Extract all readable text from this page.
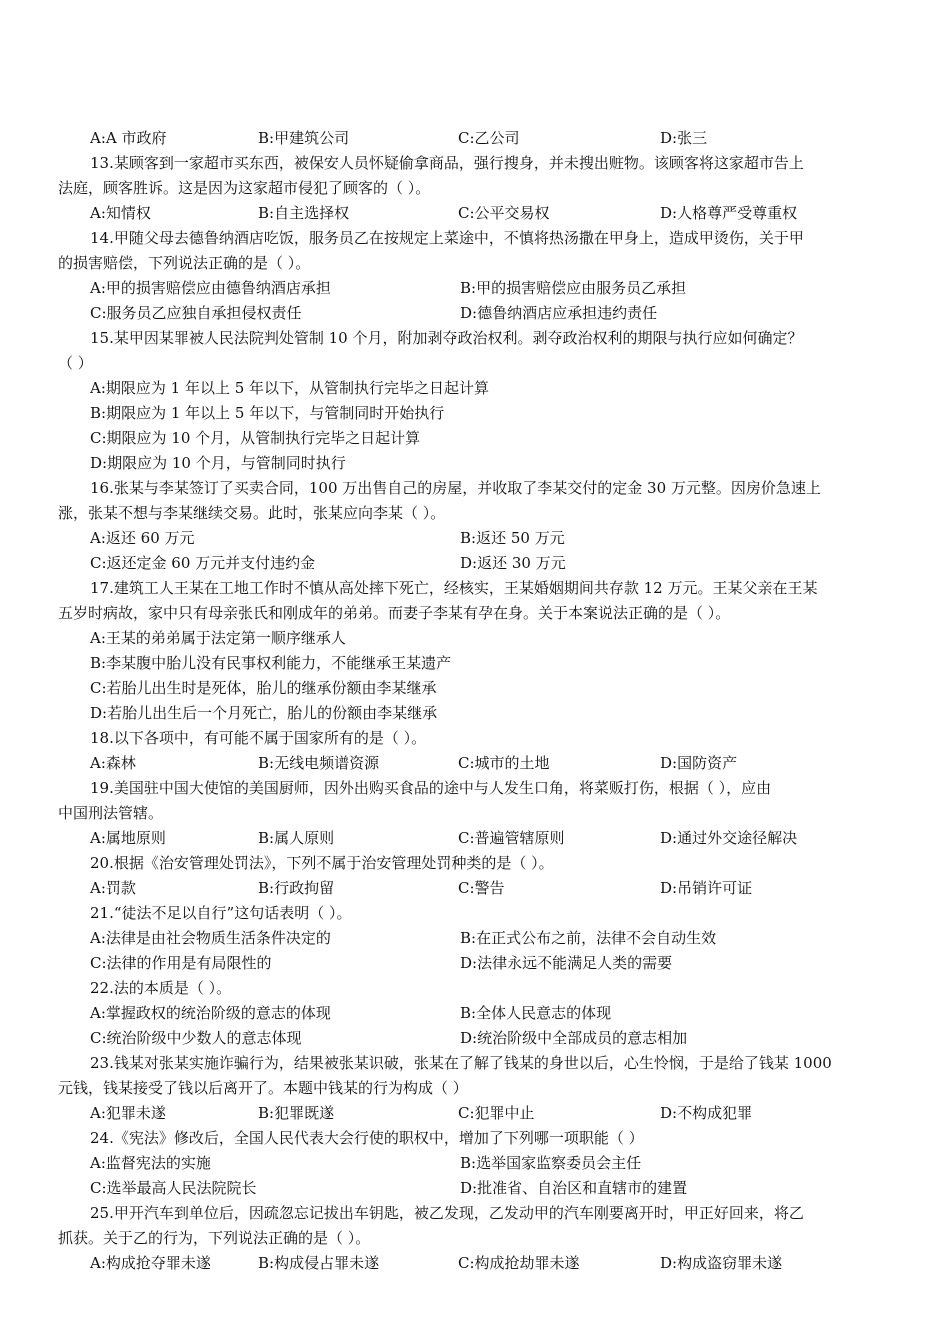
A:A 市政府	B:甲建筑公司	C:乙公司	D:张三
13.某顾客到一家超市买东西，被保安人员怀疑偷拿商品，强行搜身，并未搜出赃物。该顾客将这家超市告上
法庭，顾客胜诉。这是因为这家超市侵犯了顾客的（ ）。
A:知情权	B:自主选择权	C:公平交易权	D:人格尊严受尊重权
14.甲随父母去德鲁纳酒店吃饭，服务员乙在按规定上菜途中，不慎将热汤撒在甲身上，造成甲烫伤，关于甲
的损害赔偿，下列说法正确的是（ ）。
A:甲的损害赔偿应由德鲁纳酒店承担	B:甲的损害赔偿应由服务员乙承担
C:服务员乙应独自承担侵权责任	D:德鲁纳酒店应承担违约责任
15.某甲因某罪被人民法院判处管制 10 个月，附加剥夺政治权利。剥夺政治权利的期限与执行应如何确定？
（ ）
A:期限应为 1 年以上 5 年以下，从管制执行完毕之日起计算
B:期限应为 1 年以上 5 年以下，与管制同时开始执行
C:期限应为 10 个月，从管制执行完毕之日起计算
D:期限应为 10 个月，与管制同时执行
16.张某与李某签订了买卖合同，100 万出售自己的房屋，并收取了李某交付的定金 30 万元整。因房价急速上
涨，张某不想与李某继续交易。此时，张某应向李某（ ）。
A:返还 60 万元	B:返还 50 万元
C:返还定金 60 万元并支付违约金	D:返还 30 万元
17.建筑工人王某在工地工作时不慎从高处摔下死亡，经核实，王某婚姻期间共存款 12 万元。王某父亲在王某
五岁时病故，家中只有母亲张氏和刚成年的弟弟。而妻子李某有孕在身。关于本案说法正确的是（ ）。
A:王某的弟弟属于法定第一顺序继承人
B:李某腹中胎儿没有民事权利能力，不能继承王某遗产
C:若胎儿出生时是死体，胎儿的继承份额由李某继承
D:若胎儿出生后一个月死亡，胎儿的份额由李某继承
18.以下各项中，有可能不属于国家所有的是（ ）。
A:森林	B:无线电频谱资源	C:城市的土地	D:国防资产
19.美国驻中国大使馆的美国厨师，因外出购买食品的途中与人发生口角，将菜贩打伤，根据（ ），应由
中国刑法管辖。
A:属地原则	B:属人原则	C:普遍管辖原则	D:通过外交途径解决
20.根据《治安管理处罚法》，下列不属于治安管理处罚种类的是（ ）。
A:罚款	B:行政拘留	C:警告	D:吊销许可证
21.“徒法不足以自行”这句话表明（ ）。
A:法律是由社会物质生活条件决定的	B:在正式公布之前，法律不会自动生效
C:法律的作用是有局限性的	D:法律永远不能满足人类的需要
22.法的本质是（ ）。
A:掌握政权的统治阶级的意志的体现	B:全体人民意志的体现
C:统治阶级中少数人的意志体现	D:统治阶级中全部成员的意志相加
23.钱某对张某实施诈骗行为，结果被张某识破，张某在了解了钱某的身世以后，心生怜悯，于是给了钱某 1000
元钱，钱某接受了钱以后离开了。本题中钱某的行为构成（ ）
A:犯罪未遂	B:犯罪既遂	C:犯罪中止	D:不构成犯罪
24.《宪法》修改后，全国人民代表大会行使的职权中，增加了下列哪一项职能（ ）
A:监督宪法的实施	B:选举国家监察委员会主任
C:选举最高人民法院院长	D:批准省、自治区和直辖市的建置
25.甲开汽车到单位后，因疏忽忘记拔出车钥匙，被乙发现，乙发动甲的汽车刚要离开时，甲正好回来，将乙
抓获。关于乙的行为，下列说法正确的是（ ）。
A:构成抢夺罪未遂	B:构成侵占罪未遂	C:构成抢劫罪未遂	D:构成盗窃罪未遂
